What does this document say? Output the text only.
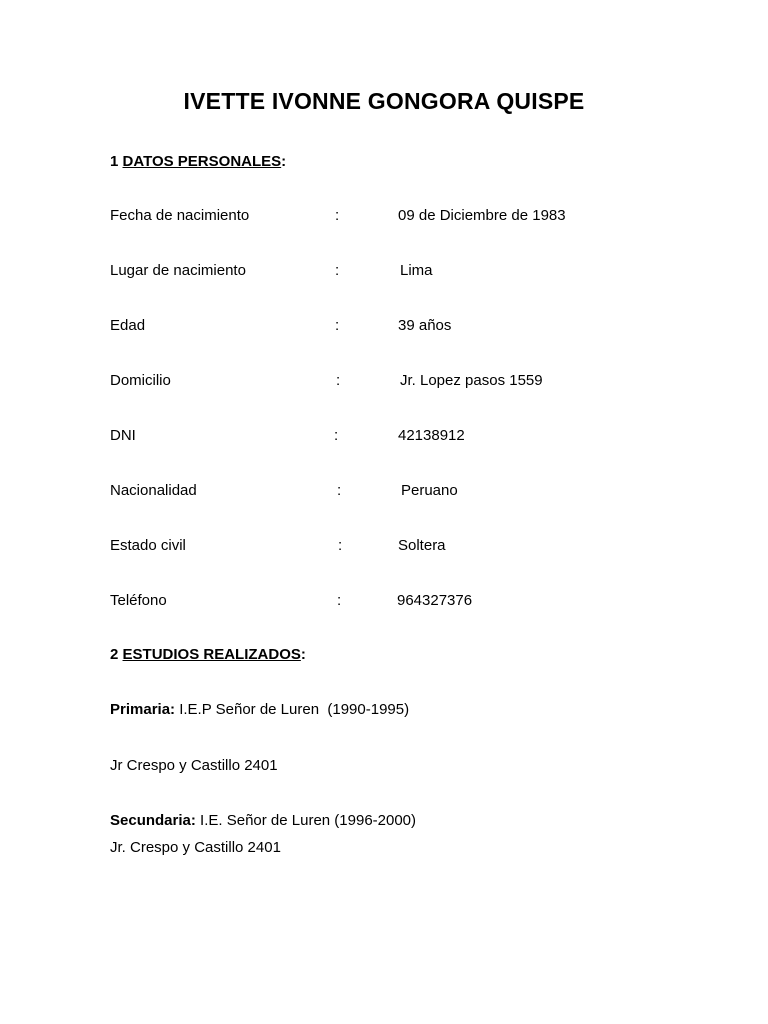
IVETTE IVONNE GONGORA QUISPE
1 DATOS PERSONALES:
Fecha de nacimiento	:	09 de Diciembre de 1983
Lugar de nacimiento	:	Lima
Edad	:	39 años
Domicilio	:	Jr. Lopez pasos 1559
DNI	:	42138912
Nacionalidad	:	Peruano
Estado civil	:	Soltera
Teléfono	:	964327376
2 ESTUDIOS REALIZADOS:
Primaria: I.E.P Señor de Luren  (1990-1995)
Jr Crespo y Castillo 2401
Secundaria: I.E. Señor de Luren (1996-2000)
Jr. Crespo y Castillo 2401
